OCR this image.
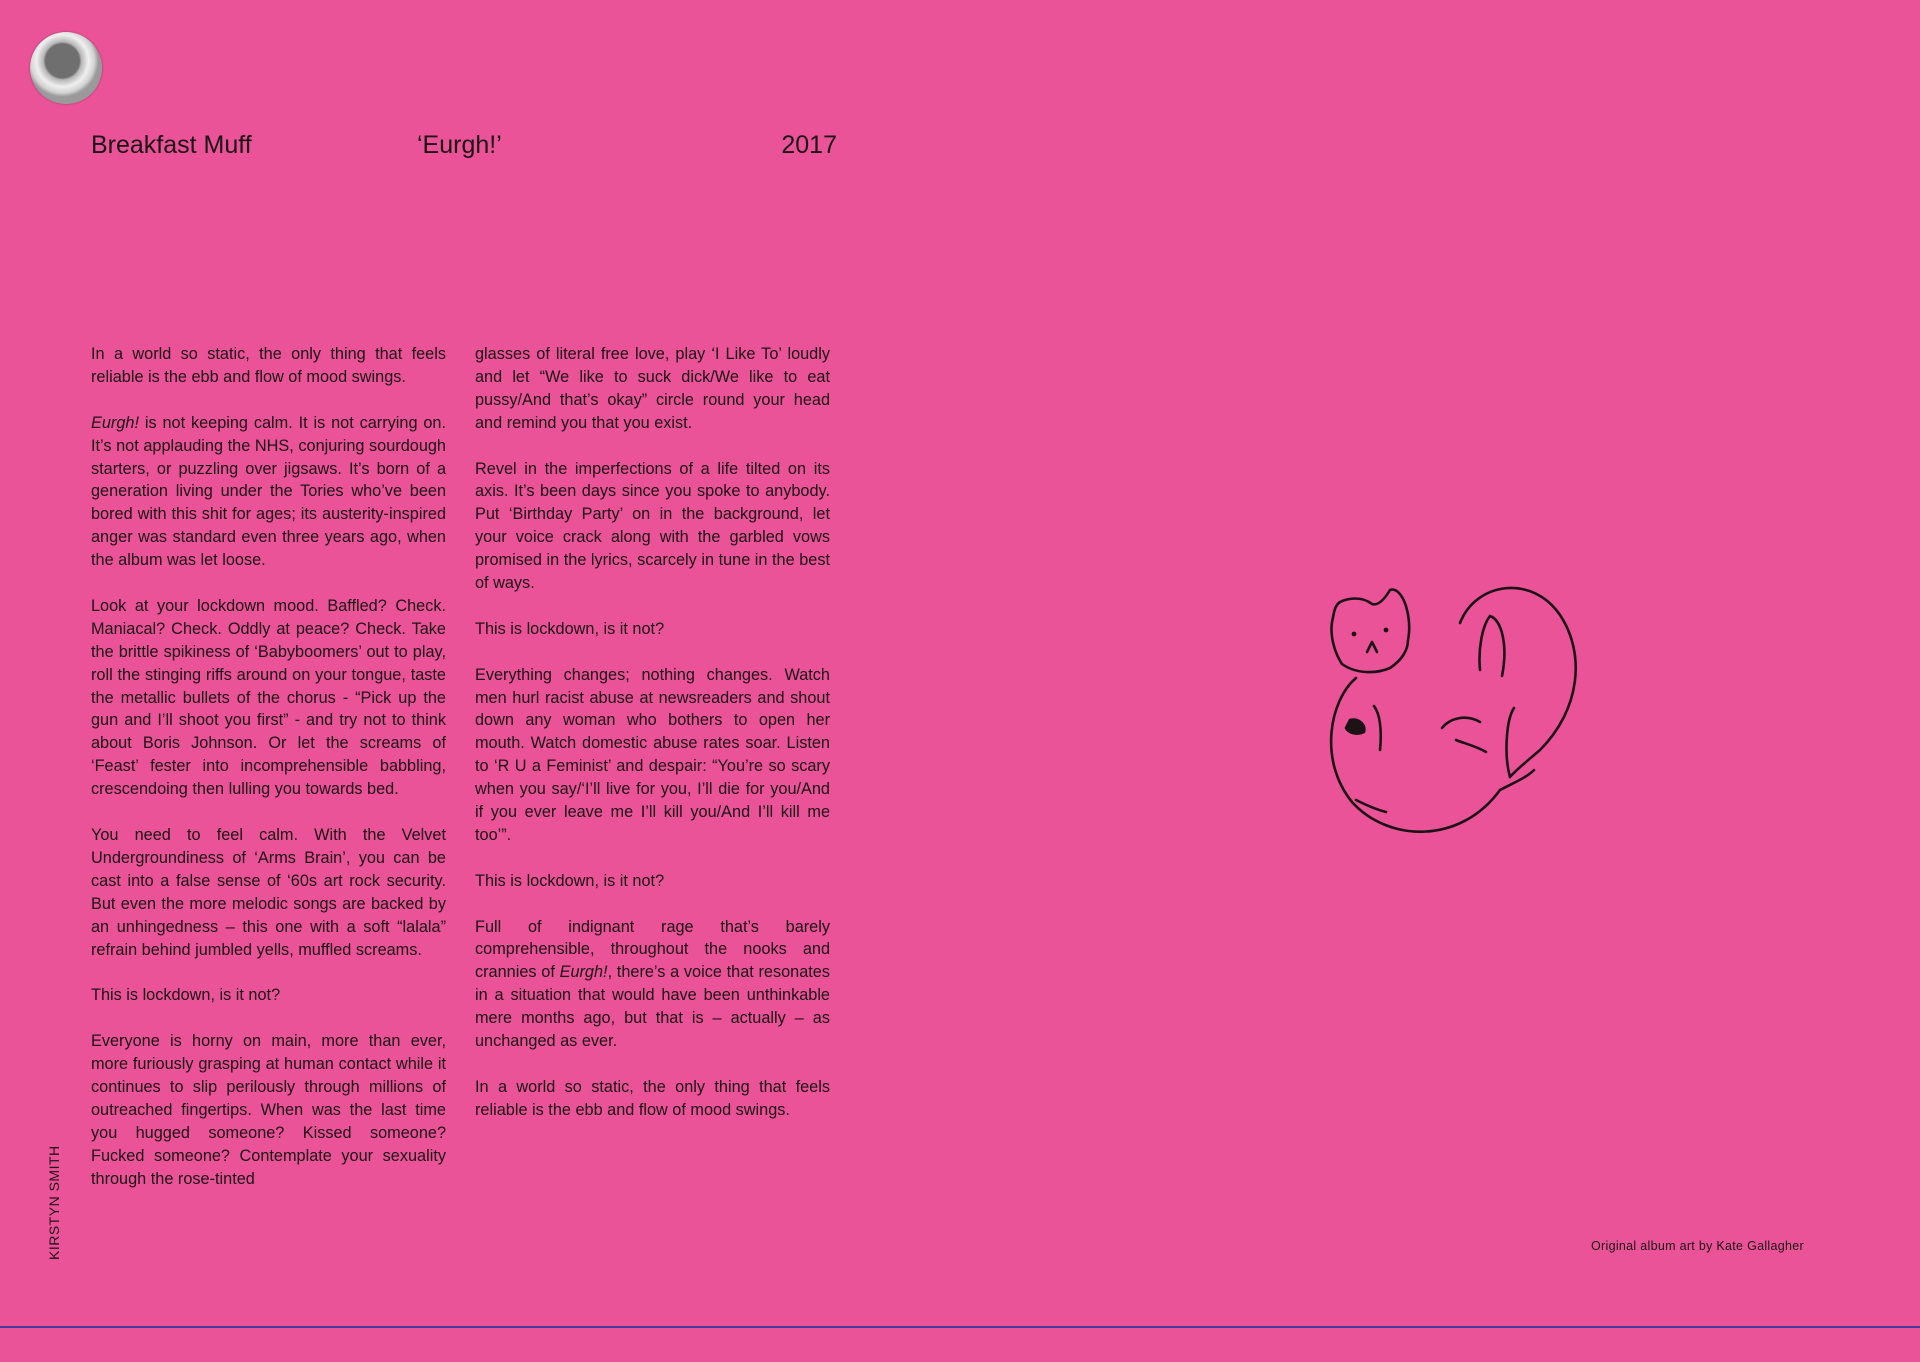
Breakfast Muff	‘Eurgh!’	2017

In a world so static, the only thing that feels reliable is the ebb and flow of mood swings.

Eurgh! is not keeping calm. It is not carrying on. It’s not applauding the NHS, conjuring sourdough starters, or puzzling over jigsaws. It’s born of a generation living under the Tories who’ve been bored with this shit for ages; its austerity-inspired anger was standard even three years ago, when the album was let loose.

Look at your lockdown mood. Baffled? Check. Maniacal? Check. Oddly at peace? Check. Take the brittle spikiness of ‘Babyboomers’ out to play, roll the stinging riffs around on your tongue, taste the metallic bullets of the chorus - “Pick up the gun and I’ll shoot you first” - and try not to think about Boris Johnson. Or let the screams of ‘Feast’ fester into incomprehensible babbling, crescendoing then lulling you towards bed.

You need to feel calm. With the Velvet Undergroundiness of ‘Arms Brain’, you can be cast into a false sense of ‘60s art rock security. But even the more melodic songs are backed by an unhingedness – this one with a soft “lalala” refrain behind jumbled yells, muffled screams.

This is lockdown, is it not?

Everyone is horny on main, more than ever, more furiously grasping at human contact while it continues to slip perilously through millions of outreached fingertips. When was the last time you hugged someone? Kissed someone? Fucked someone? Contemplate your sexuality through the rose-tinted

glasses of literal free love, play ‘I Like To’ loudly and let “We like to suck dick/We like to eat pussy/And that’s okay” circle round your head and remind you that you exist.

Revel in the imperfections of a life tilted on its axis. It’s been days since you spoke to anybody. Put ‘Birthday Party’ on in the background, let your voice crack along with the garbled vows promised in the lyrics, scarcely in tune in the best of ways.

This is lockdown, is it not?

Everything changes; nothing changes. Watch men hurl racist abuse at newsreaders and shout down any woman who bothers to open her mouth. Watch domestic abuse rates soar. Listen to ‘R U a Feminist’ and despair: “You’re so scary when you say/‘I’ll live for you, I’ll die for you/And if you ever leave me I’ll kill you/And I’ll kill me too’”.

This is lockdown, is it not?

Full of indignant rage that’s barely comprehensible, throughout the nooks and crannies of Eurgh!, there’s a voice that resonates in a situation that would have been unthinkable mere months ago, but that is – actually – as unchanged as ever.

In a world so static, the only thing that feels reliable is the ebb and flow of mood swings.

KIRSTYN SMITH	Original album art by Kate Gallagher
